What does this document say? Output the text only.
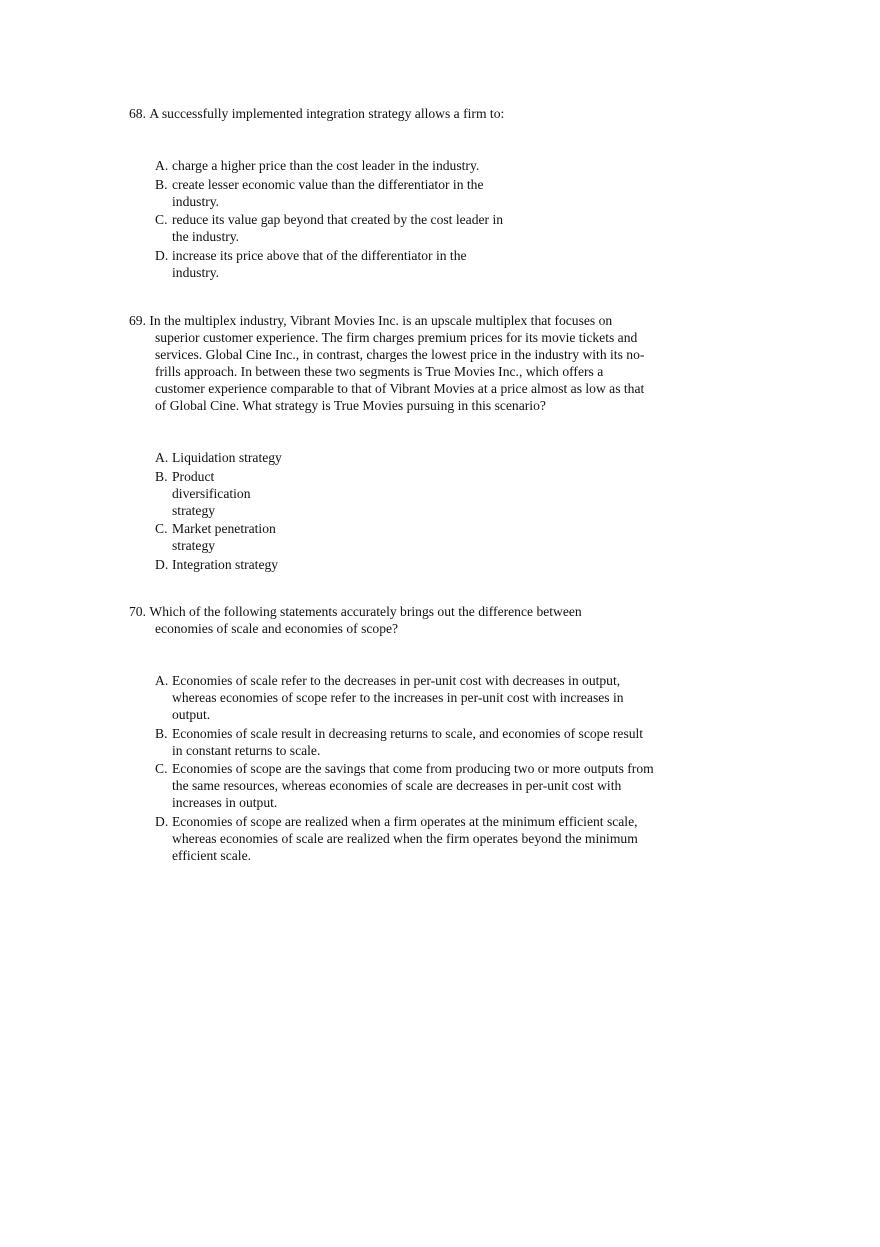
68.
A successfully implemented integration strategy allows a firm to:
A. charge a higher price than the cost leader in the industry.
B. create lesser economic value than the differentiator in the industry.
C. reduce its value gap beyond that created by the cost leader in the industry.
D. increase its price above that of the differentiator in the industry.
69. In the multiplex industry, Vibrant Movies Inc. is an upscale multiplex that focuses on superior customer experience. The firm charges premium prices for its movie tickets and services. Global Cine Inc., in contrast, charges the lowest price in the industry with its no-frills approach. In between these two segments is True Movies Inc., which offers a customer experience comparable to that of Vibrant Movies at a price almost as low as that of Global Cine. What strategy is True Movies pursuing in this scenario?
A. Liquidation strategy
B. Product diversification strategy
C. Market penetration strategy
D. Integration strategy
70. Which of the following statements accurately brings out the difference between economies of scale and economies of scope?
A. Economies of scale refer to the decreases in per-unit cost with decreases in output, whereas economies of scope refer to the increases in per-unit cost with increases in output.
B. Economies of scale result in decreasing returns to scale, and economies of scope result in constant returns to scale.
C. Economies of scope are the savings that come from producing two or more outputs from the same resources, whereas economies of scale are decreases in per-unit cost with increases in output.
D. Economies of scope are realized when a firm operates at the minimum efficient scale, whereas economies of scale are realized when the firm operates beyond the minimum efficient scale.
